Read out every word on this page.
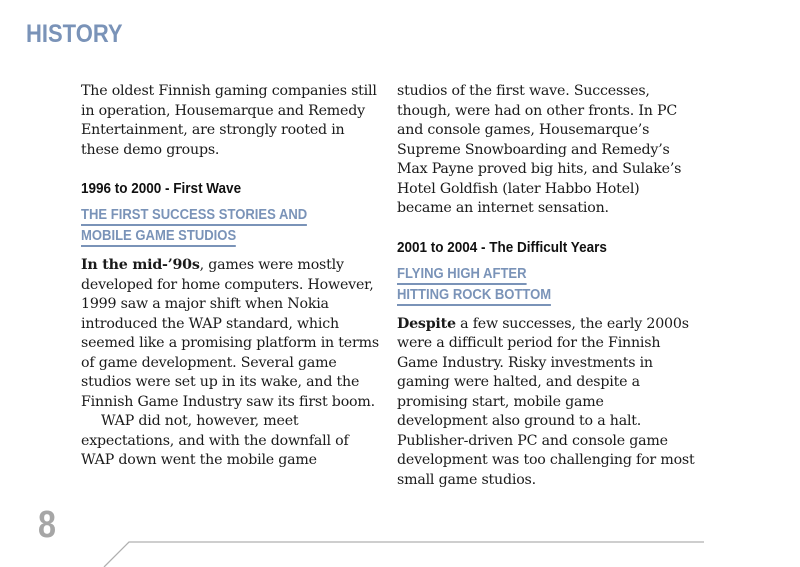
HISTORY

The oldest Finnish gaming companies still in operation, Housemarque and Remedy Entertainment, are strongly rooted in these demo groups.

1996 to 2000 - First Wave

THE FIRST SUCCESS STORIES AND
MOBILE GAME STUDIOS

In the mid-’90s, games were mostly developed for home computers. However, 1999 saw a major shift when Nokia introduced the WAP standard, which seemed like a promising platform in terms of game development. Several game studios were set up in its wake, and the Finnish Game Industry saw its first boom.

WAP did not, however, meet expectations, and with the downfall of WAP down went the mobile game

studios of the first wave. Successes, though, were had on other fronts. In PC and console games, Housemarque’s Supreme Snowboarding and Remedy’s Max Payne proved big hits, and Sulake’s Hotel Goldfish (later Habbo Hotel) became an internet sensation.

2001 to 2004 - The Difficult Years

FLYING HIGH AFTER
HITTING ROCK BOTTOM

Despite a few successes, the early 2000s were a difficult period for the Finnish Game Industry. Risky investments in gaming were halted, and despite a promising start, mobile game development also ground to a halt. Publisher-driven PC and console game development was too challenging for most small game studios.

8
